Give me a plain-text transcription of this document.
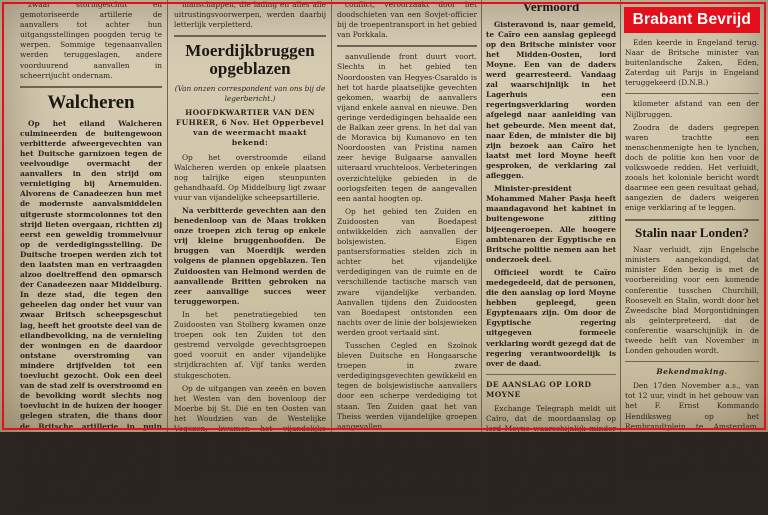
zwaar stormgeschut en gemotoriseerde artillerie de aanvallers tot achter hun uitgangsstellingen poogden terug te werpen. Sommige tegenaanvallen werden teruggeslagen, andere voorduurend aanvallen in scheerrijucht ondernam.

Walcheren

Op het eiland Walcheren culmineerden de buitengewoon verbitterde afweergevechten van het Duitsche garnizoen tegen de veelvoudige overmacht der aanvallers in den strijd om vernietiging bij Arnemuiden. Alvorens de Canadeezen hun met de modernste aanvalsmiddelen uitgeruste stormcolonnes tot den strijd lieten overgaan, richtten zij eerst een geweldig trommelvuur op de verdedigingsstelling. De Duitsche troepen werden zich tot den laatsten man en vertraagden alzoo doeltreffend den opmarsch der Canadeezen naar Middelburg. In deze stad, die tegen den geheelen dag onder het vuur van zwaar Britsch scheepsgeschut lag, heeft het grootste deel van de eilandbevolking, na de vernieling der woningen en de daardoor ontstane overstroming van mindere drijfvelden tot een toevlucht gezocht. Ook een deel van de stad zelf is overstroomd en de bevolking wordt slechts nog toevlucht in de huizen der hooger gelegen straten, die thans door de Britsche artillerie in puin geschoten worden. De verliezen onder de burgerbevolking, van wie vijf duizend menschen bij de overstroming verdronken, zijn buitengewoon groot. In het gebied van Domburg handhaafden de Duitsche troepen hun

manschappen, die lading en alles alle uitrustingsvoorwerpen, werden daarbij letterlijk verpletterd.

Moerdijkbruggen opgeblazen
(Van onzen correspondent van ons bij de legerbericht.)
HOOFDKWARTIER VAN DEN FUHRER, 6 Nov. Het Opperbevel van de weermacht maakt bekend:

Op het overstroomde eiland Walcheren werden op enkele plaatsen nog talrijke eigen steunpunten gehandhaafd. Op Middelburg ligt zwaar vuur van vijandelijke scheepsartillerie.

Na verbitterde gevechten aan den benedenloop van de Maas trokken onze troepen zich terug op enkele vrij kleine bruggenhoofden. De bruggen van Moerdijk werden volgens de plannen opgeblazen. Ten Zuidoosten van Helmond werden de aanvallende Britten gebroken na zeer aanvallige succes weer teruggeworpen.

In het penetratiegebied ten Zuidoosten van Stolberg kwamen onze troepen ook ten Zuiden tot den gestremd vervolgde gevechtsgroepen goed vooruit en ander vijandelijke strijdkrachten af. Vijf tanks werden stukgeschoten.

Op de uitgangen van zeeën en boven het Westen van den bovenloop der Moerbe bij St. Dié en ten Oosten van het Woudzien van de Westelijke Vogezen, kwamen het vijandelijke troepen weer tot verbitterde gevechten. Opnieuw hebben de Engelsen hun aanvallen bij aanval, die evenwel op strikt gevolgde Duitsche tegenaanvallen stuitten.

conflict, veroorzaakt door het doodschieten van een Sovjet-officier bij de troepentransport in het gebied van Porkkala.

aanvullende front duurt voort. Slechts in het gebied ten Noordoosten van Hegyes-Csaraldo is het tot harde plaatselijke gevechten gekomen, waarbij de aanvallers vijand enkele aanval en nieuwe. Den geringe verdedigingen behaalde een de Balkan zeer grens. In het dal van de Moravica bij Kumanovo en ten Noordoosten van Pristina namen zeer hevige Bulgaarse aanvallen uiteraard vruchteloos. Verbeteringen overzichtelijke gebieden in de oorlogsfeiten tegen de aangevallen een aantal hoogten op.

Op het gebied ten Zuiden en Zuidoosten van Boedapest ontwikkelden zich aanvallen der bolsjewisten. Eigen pantsersformaties stelden zich in achter het vijandelijke verdedigingen van de ruimte en de verschillende tactische marsch van zware vijandelijke verbanden. Aanvallen tijdens den Zuidoosten van Boedapest ontstonden een nachts over de linie der bolsjewieken werden groot vertaald sint.

Tusschen Cegled en Szolnok bleven Duitsche en Hongaarsche troepen in zware verdedigingsgevechten gewikkeld en tegen de bolsjewistische aanvallers door een scherpe verdediging tot staan. Ten Zuiden gaat het van Theiss werden vijandelijke groepen aangevallen.

Op stad Gödölö in Oostpruisen is zwaar vuur, die in een reeks tot een de grote gevechten wekte de sterke groep en de doorbraak in het eind der oorlog, hulp ondervonden den overstroomde vijandelijke verbanden niet terug.

Vermoord

Gisteravond is, naar gemeld, te Caïro een aanslag gepleegd op den Britsche minister voor het Midden-Oosten, lord Moyne. Een van de daders werd gearresteerd. Vandaag zal waarschijnlijk in het Lagerhuis een regeringsverklaring worden afgelegd naar aanleiding van het gebeurde. Men meent dat, naar Eden, de minister die bij zijn bezoek aan Caïro het laatst met lord Moyne heeft gesproken, de verklaring zal afleggen.

Minister-president Mohammed Maher Pasja heeft maandagavond het kabinet in buitengewone zitting bijeengeroepen. Alle hoogere ambtenaren der Egyptische en Britsche politie nemen aan het onderzoek deel.

Officieel wordt te Caïro medegedeeld, dat de personen, die den aanslag op lord Moyne hebben gepleegd, geen Egyptenaars zijn. Om door de Egyptische regering uitgegeven formeele verklaring wordt gezegd dat de regering verantwoordelijk is over de daad.

DE AANSLAG OP LORD MOYNE

Exchange Telegraph meldt uit Caïro, dat de moordaanslag op lord Moyne waarschijnlijk minder een persoon van den minister dan tegen de Britsche regering gericht was. De aanslag is volgens de bij het onderzoek verworvene gegevens politiek van aard. De daders zijn terrorist, beide aanhangers van een Zionistische groep.

Eden keerde in Engeland terug. Naar de Britsche minister van buitenlandsche Zaken, Eden, Zaterdag uit Parijs in Engeland teruggekeerd (D.N.B.)

kilometer afstand van een der Nijlbruggen.

Zoodra de daders gegrepen waren trachtte een menschenmenigte hen te lynchen, doch de politie kon hen voor de volkswoede redden. Het verluidt, zooals het koloniale bericht wordt daarmee een geen resultaat gehad, aangezien de daders weigeren enige verklaring af te leggen.

Stalin naar Londen?

Naar verluidt, zijn Engelsche ministers aangekondigd, dat minister Eden bezig is met de voorbereiding voor een komende conferentie tusschen Churchill, Roosevelt en Stalin, wordt door het Zweedsche blad Morgontidningen als geïnterpreteerd, dat de conferentie waarschijnlijk in de tweede helft van November in Londen gehouden wordt.

Bekendmaking.

Den 17den November a.s., van tot 12 uur, vindt in het gebouw van het F. Ernst Kommando Hendiksweg op het Rembrandtplein te Amsterdam, een keuring plaats voor de Waffen-SS, spanner, Duitschers en W. Hauer, 14 jaar oud, N.S.K.K. Flinke, gezonde Nederlandsche jongens die den

Brabant Bevrijd
